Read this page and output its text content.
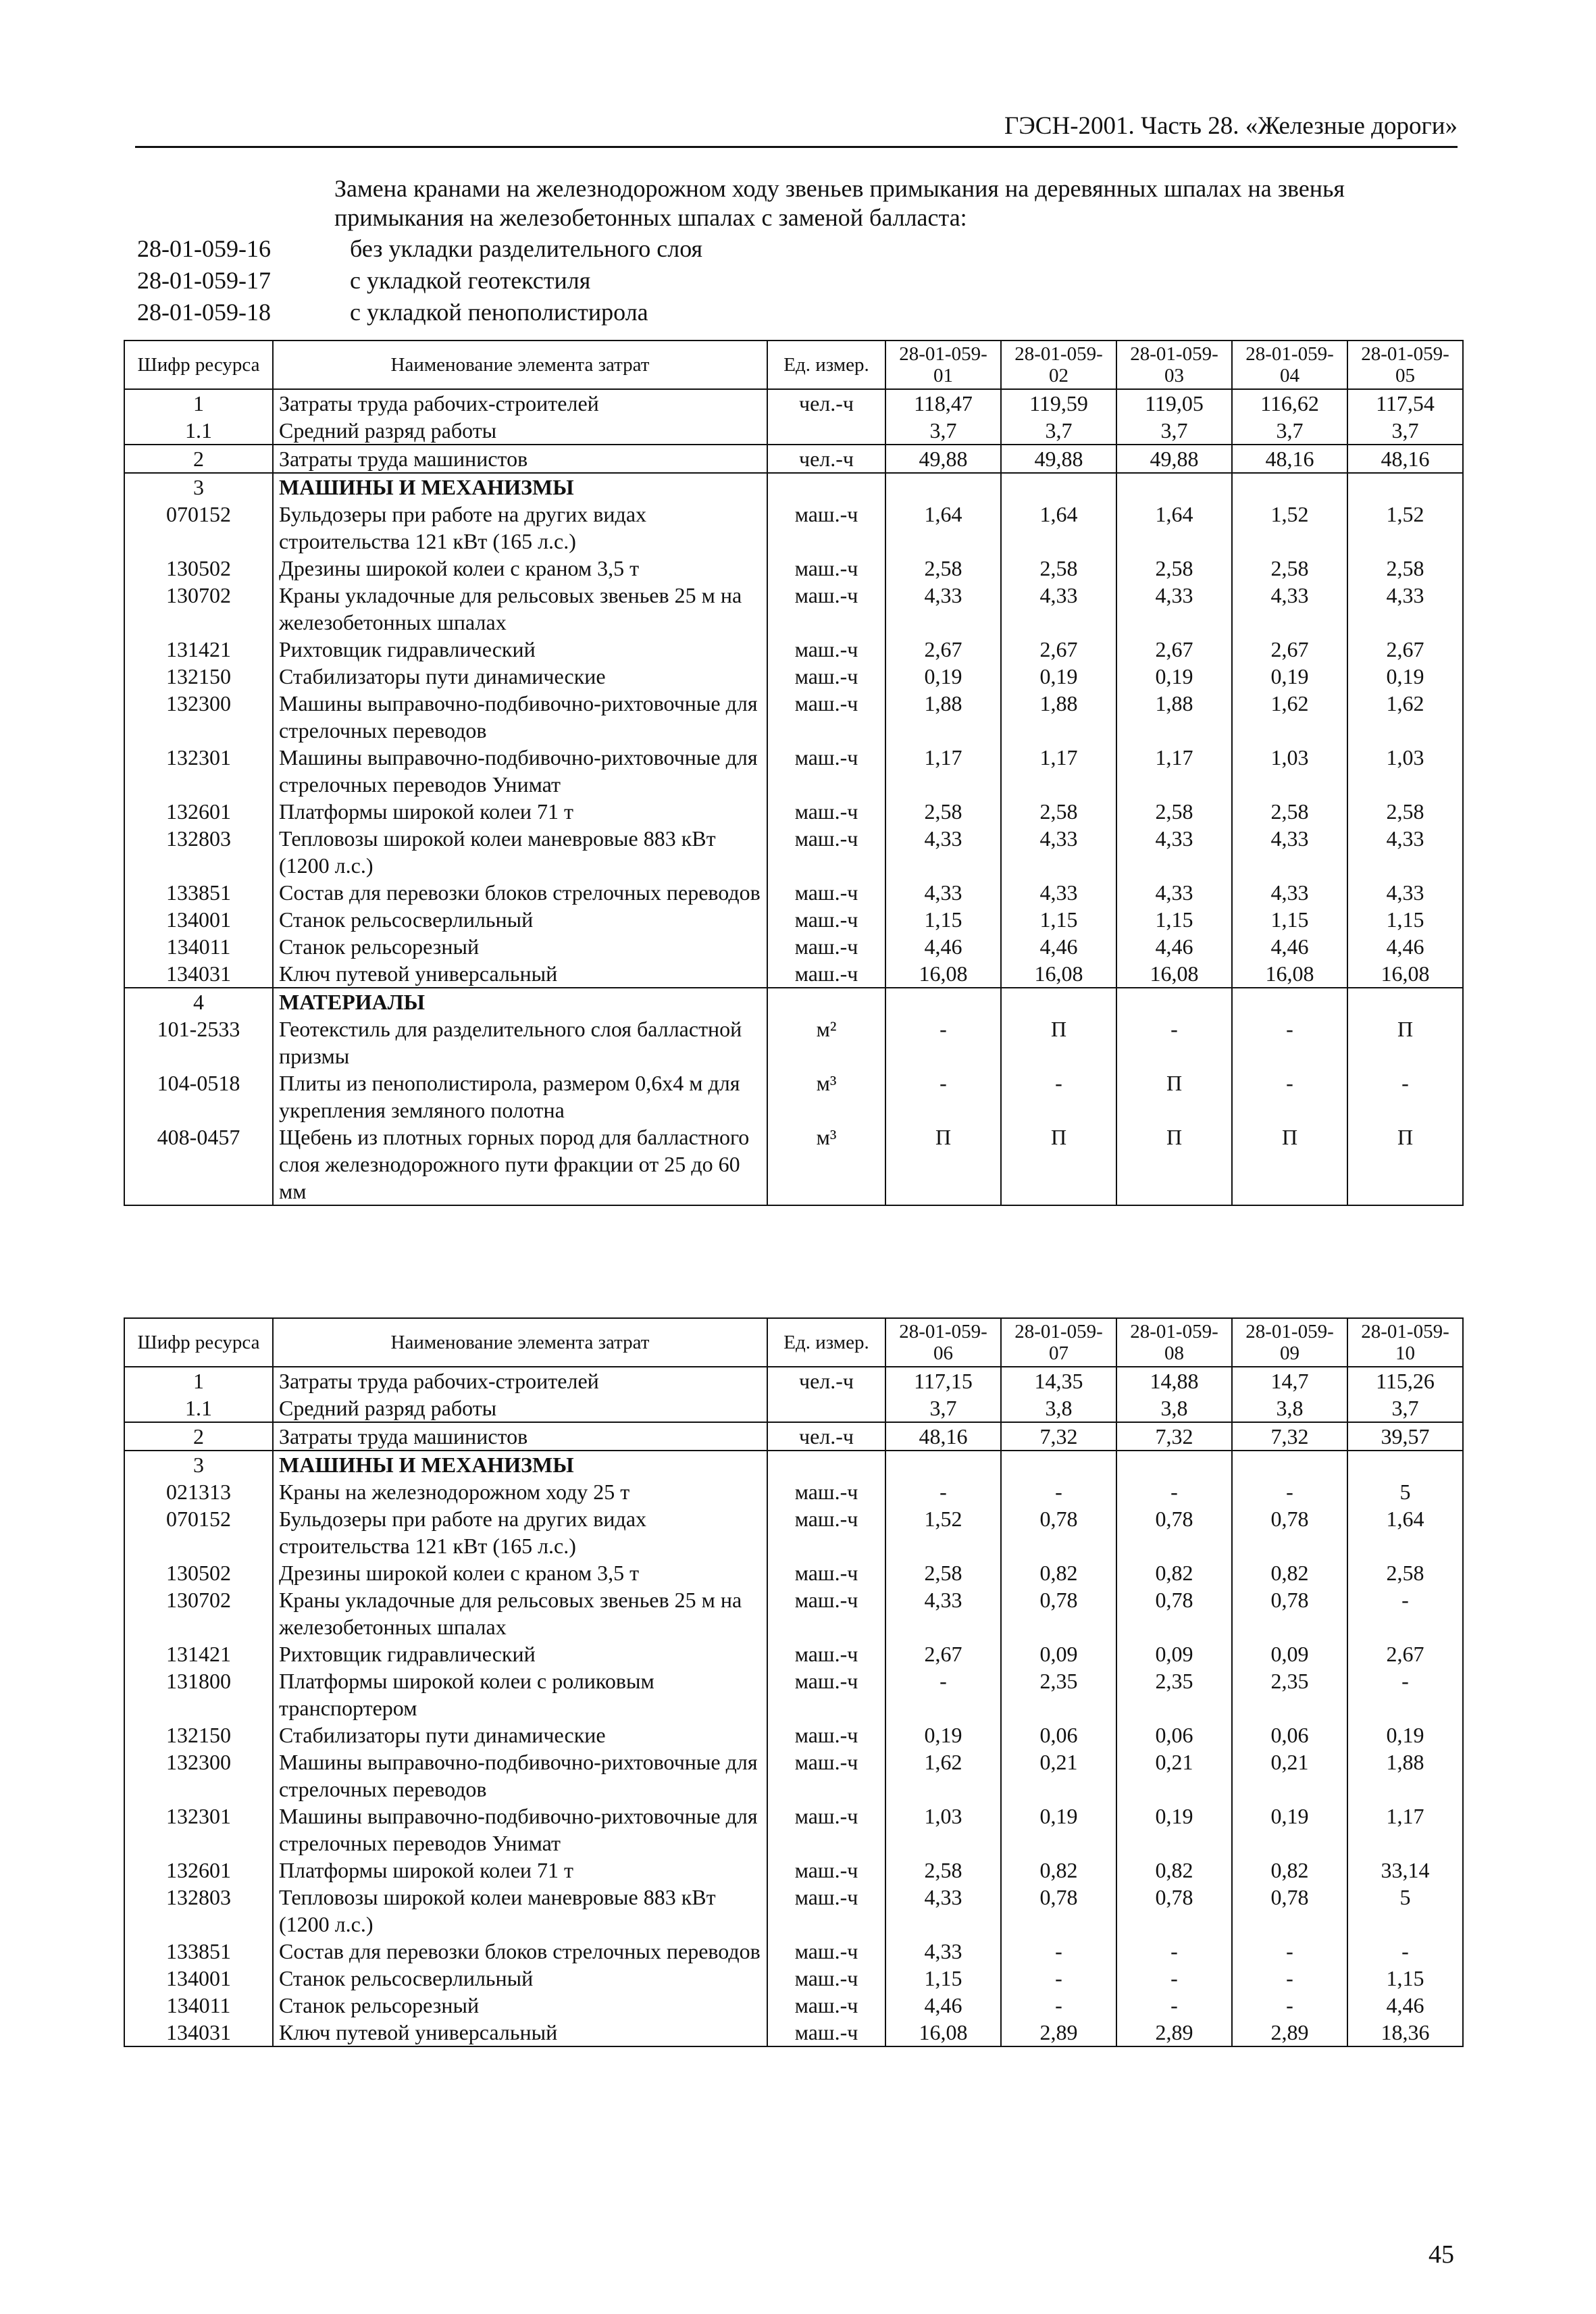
ГЭСН-2001. Часть 28. «Железные дороги»
Замена кранами на железнодорожном ходу звеньев примыкания на деревянных шпалах на звенья примыкания на железобетонных шпалах с заменой балласта:
28-01-059-16	без укладки разделительного слоя
28-01-059-17	с укладкой геотекстиля
28-01-059-18	с укладкой пенополистирола
Шифр ресурса	Наименование элемента затрат	Ед. измер.	28-01-059-01	28-01-059-02	28-01-059-03	28-01-059-04	28-01-059-05
1	Затраты труда рабочих-строителей	чел.-ч	118,47	119,59	119,05	116,62	117,54
1.1	Средний разряд работы		3,7	3,7	3,7	3,7	3,7
2	Затраты труда машинистов	чел.-ч	49,88	49,88	49,88	48,16	48,16
3	МАШИНЫ И МЕХАНИЗМЫ						
070152	Бульдозеры при работе на других видах строительства 121 кВт (165 л.с.)	маш.-ч	1,64	1,64	1,64	1,52	1,52
130502	Дрезины широкой колеи с краном 3,5 т	маш.-ч	2,58	2,58	2,58	2,58	2,58
130702	Краны укладочные для рельсовых звеньев 25 м на железобетонных шпалах	маш.-ч	4,33	4,33	4,33	4,33	4,33
131421	Рихтовщик гидравлический	маш.-ч	2,67	2,67	2,67	2,67	2,67
132150	Стабилизаторы пути динамические	маш.-ч	0,19	0,19	0,19	0,19	0,19
132300	Машины выправочно-подбивочно-рихтовочные для стрелочных переводов	маш.-ч	1,88	1,88	1,88	1,62	1,62
132301	Машины выправочно-подбивочно-рихтовочные для стрелочных переводов Унимат	маш.-ч	1,17	1,17	1,17	1,03	1,03
132601	Платформы широкой колеи 71 т	маш.-ч	2,58	2,58	2,58	2,58	2,58
132803	Тепловозы широкой колеи маневровые 883 кВт (1200 л.с.)	маш.-ч	4,33	4,33	4,33	4,33	4,33
133851	Состав для перевозки блоков стрелочных переводов	маш.-ч	4,33	4,33	4,33	4,33	4,33
134001	Станок рельсосверлильный	маш.-ч	1,15	1,15	1,15	1,15	1,15
134011	Станок рельсорезный	маш.-ч	4,46	4,46	4,46	4,46	4,46
134031	Ключ путевой универсальный	маш.-ч	16,08	16,08	16,08	16,08	16,08
4	МАТЕРИАЛЫ						
101-2533	Геотекстиль для разделительного слоя балластной призмы	м²	-	П	-	-	П
104-0518	Плиты из пенополистирола, размером 0,6х4 м для укрепления земляного полотна	м³	-	-	П	-	-
408-0457	Щебень из плотных горных пород для балластного слоя железнодорожного пути фракции от 25 до 60 мм	м³	П	П	П	П	П
Шифр ресурса	Наименование элемента затрат	Ед. измер.	28-01-059-06	28-01-059-07	28-01-059-08	28-01-059-09	28-01-059-10
1	Затраты труда рабочих-строителей	чел.-ч	117,15	14,35	14,88	14,7	115,26
1.1	Средний разряд работы		3,7	3,8	3,8	3,8	3,7
2	Затраты труда машинистов	чел.-ч	48,16	7,32	7,32	7,32	39,57
3	МАШИНЫ И МЕХАНИЗМЫ						
021313	Краны на железнодорожном ходу 25 т	маш.-ч	-	-	-	-	5
070152	Бульдозеры при работе на других видах строительства 121 кВт (165 л.с.)	маш.-ч	1,52	0,78	0,78	0,78	1,64
130502	Дрезины широкой колеи с краном 3,5 т	маш.-ч	2,58	0,82	0,82	0,82	2,58
130702	Краны укладочные для рельсовых звеньев 25 м на железобетонных шпалах	маш.-ч	4,33	0,78	0,78	0,78	-
131421	Рихтовщик гидравлический	маш.-ч	2,67	0,09	0,09	0,09	2,67
131800	Платформы широкой колеи с роликовым транспортером	маш.-ч	-	2,35	2,35	2,35	-
132150	Стабилизаторы пути динамические	маш.-ч	0,19	0,06	0,06	0,06	0,19
132300	Машины выправочно-подбивочно-рихтовочные для стрелочных переводов	маш.-ч	1,62	0,21	0,21	0,21	1,88
132301	Машины выправочно-подбивочно-рихтовочные для стрелочных переводов Унимат	маш.-ч	1,03	0,19	0,19	0,19	1,17
132601	Платформы широкой колеи 71 т	маш.-ч	2,58	0,82	0,82	0,82	33,14
132803	Тепловозы широкой колеи маневровые 883 кВт (1200 л.с.)	маш.-ч	4,33	0,78	0,78	0,78	5
133851	Состав для перевозки блоков стрелочных переводов	маш.-ч	4,33	-	-	-	-
134001	Станок рельсосверлильный	маш.-ч	1,15	-	-	-	1,15
134011	Станок рельсорезный	маш.-ч	4,46	-	-	-	4,46
134031	Ключ путевой универсальный	маш.-ч	16,08	2,89	2,89	2,89	18,36
45
